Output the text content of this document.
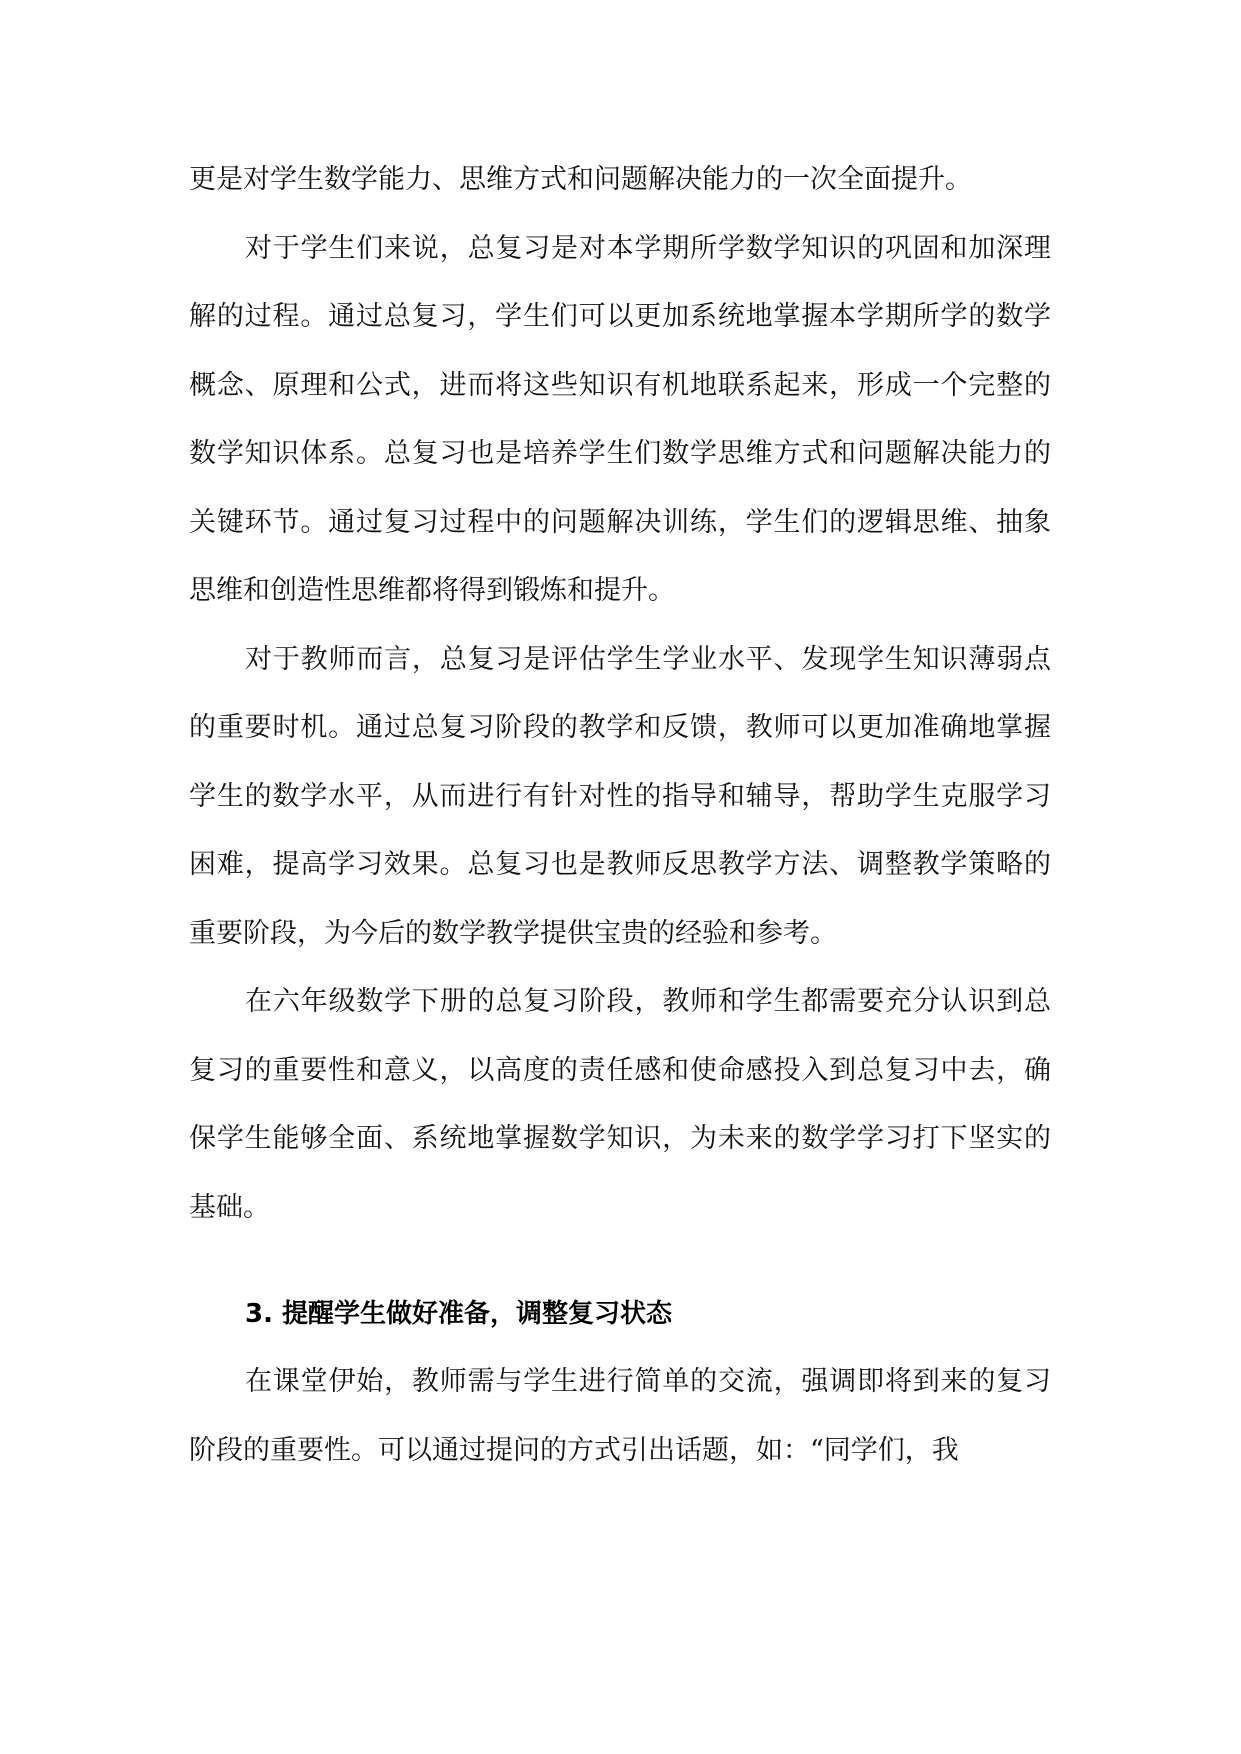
更是对学生数学能力、思维方式和问题解决能力的一次全面提升。

对于学生们来说，总复习是对本学期所学数学知识的巩固和加深理解的过程。通过总复习，学生们可以更加系统地掌握本学期所学的数学概念、原理和公式，进而将这些知识有机地联系起来，形成一个完整的数学知识体系。总复习也是培养学生们数学思维方式和问题解决能力的关键环节。通过复习过程中的问题解决训练，学生们的逻辑思维、抽象思维和创造性思维都将得到锻炼和提升。

对于教师而言，总复习是评估学生学业水平、发现学生知识薄弱点的重要时机。通过总复习阶段的教学和反馈，教师可以更加准确地掌握学生的数学水平，从而进行有针对性的指导和辅导，帮助学生克服学习困难，提高学习效果。总复习也是教师反思教学方法、调整教学策略的重要阶段，为今后的数学教学提供宝贵的经验和参考。

在六年级数学下册的总复习阶段，教师和学生都需要充分认识到总复习的重要性和意义，以高度的责任感和使命感投入到总复习中去，确保学生能够全面、系统地掌握数学知识，为未来的数学学习打下坚实的基础。

3. 提醒学生做好准备，调整复习状态

在课堂伊始，教师需与学生进行简单的交流，强调即将到来的复习阶段的重要性。可以通过提问的方式引出话题，如：“同学们，我
